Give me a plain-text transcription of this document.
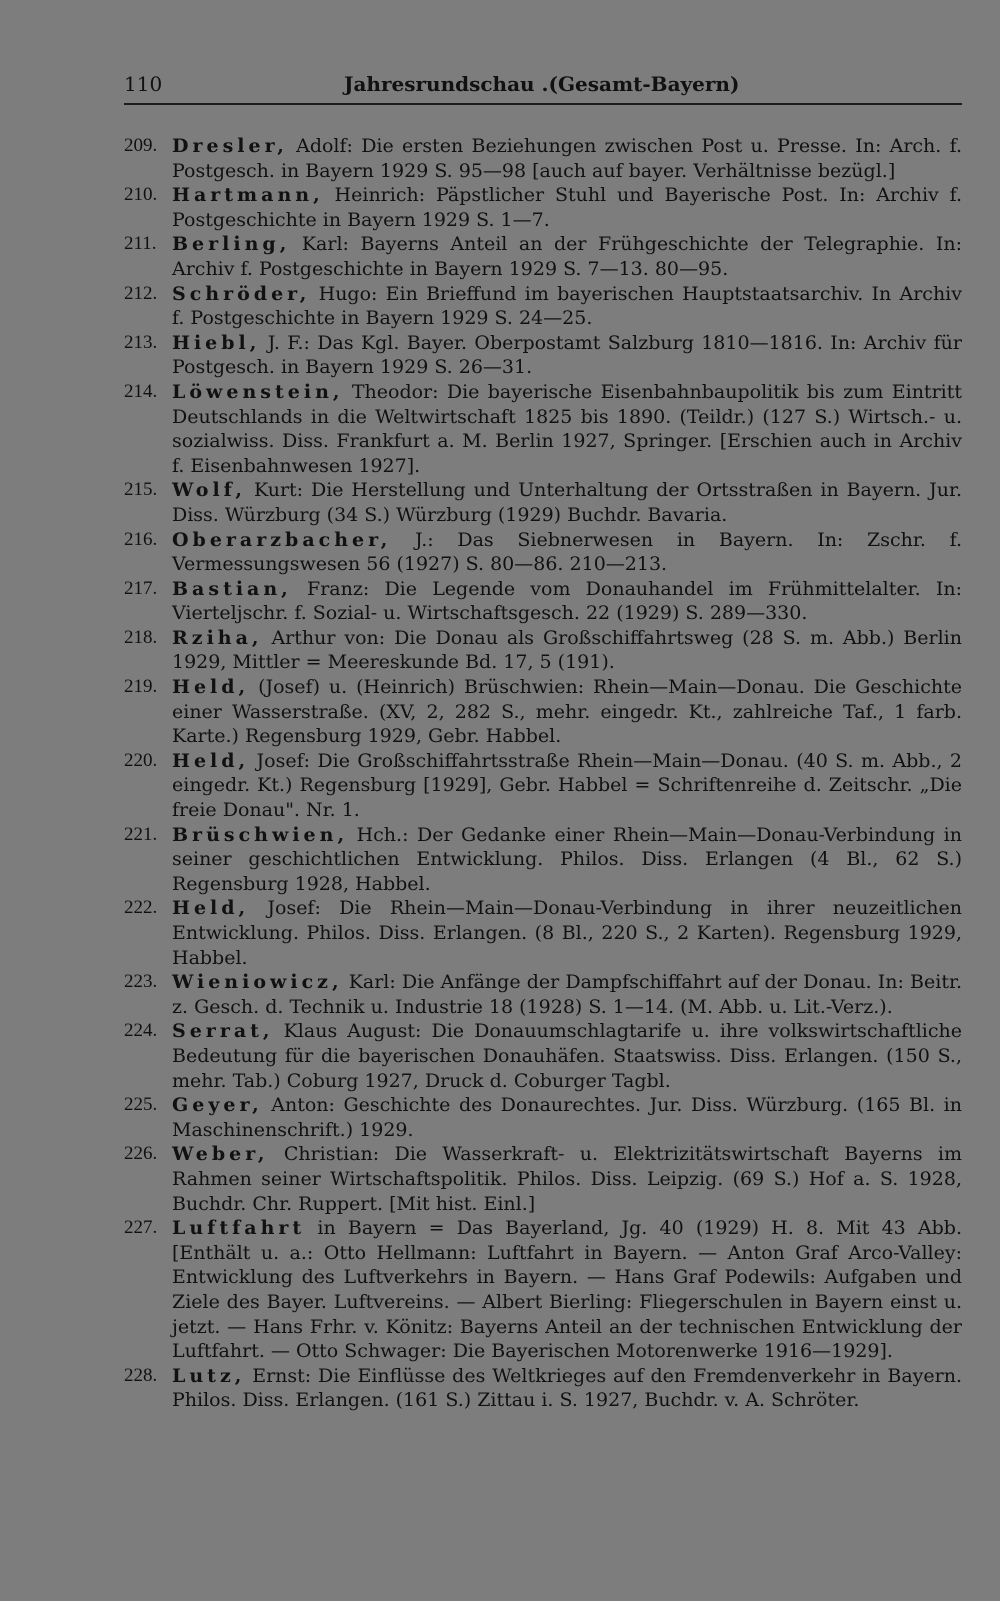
110	Jahresrundschau .(Gesamt-Bayern)
209. Dresler, Adolf: Die ersten Beziehungen zwischen Post u. Presse. In: Arch. f. Postgesch. in Bayern 1929 S. 95—98 [auch auf bayer. Verhältnisse bezügl.]
210. Hartmann, Heinrich: Päpstlicher Stuhl und Bayerische Post. In: Archiv f. Postgeschichte in Bayern 1929 S. 1—7.
211. Berling, Karl: Bayerns Anteil an der Frühgeschichte der Telegraphie. In: Archiv f. Postgeschichte in Bayern 1929 S. 7—13. 80—95.
212. Schröder, Hugo: Ein Brieffund im bayerischen Hauptstaatsarchiv. In Archiv f. Postgeschichte in Bayern 1929 S. 24—25.
213. Hiebl, J. F.: Das Kgl. Bayer. Oberpostamt Salzburg 1810—1816. In: Archiv für Postgesch. in Bayern 1929 S. 26—31.
214. Löwenstein, Theodor: Die bayerische Eisenbahnbaupolitik bis zum Eintritt Deutschlands in die Weltwirtschaft 1825 bis 1890. (Teildr.) (127 S.) Wirtsch.- u. sozialwiss. Diss. Frankfurt a. M. Berlin 1927, Springer. [Erschien auch in Archiv f. Eisenbahnwesen 1927].
215. Wolf, Kurt: Die Herstellung und Unterhaltung der Ortsstraßen in Bayern. Jur. Diss. Würzburg (34 S.) Würzburg (1929) Buchdr. Bavaria.
216. Oberarzbacher, J.: Das Siebnerwesen in Bayern. In: Zschr. f. Vermessungswesen 56 (1927) S. 80—86. 210—213.
217. Bastian, Franz: Die Legende vom Donauhandel im Frühmittelalter. In: Vierteljschr. f. Sozial- u. Wirtschaftsgesch. 22 (1929) S. 289—330.
218. Rziha, Arthur von: Die Donau als Großschiffahrtsweg (28 S. m. Abb.) Berlin 1929, Mittler = Meereskunde Bd. 17, 5 (191).
219. Held, (Josef) u. (Heinrich) Brüschwien: Rhein—Main—Donau. Die Geschichte einer Wasserstraße. (XV, 2, 282 S., mehr. eingedr. Kt., zahlreiche Taf., 1 farb. Karte.) Regensburg 1929, Gebr. Habbel.
220. Held, Josef: Die Großschiffahrtsstraße Rhein—Main—Donau. (40 S. m. Abb., 2 eingedr. Kt.) Regensburg [1929], Gebr. Habbel = Schriftenreihe d. Zeitschr. „Die freie Donau". Nr. 1.
221. Brüschwien, Hch.: Der Gedanke einer Rhein—Main—Donau-Verbindung in seiner geschichtlichen Entwicklung. Philos. Diss. Erlangen (4 Bl., 62 S.) Regensburg 1928, Habbel.
222. Held, Josef: Die Rhein—Main—Donau-Verbindung in ihrer neuzeitlichen Entwicklung. Philos. Diss. Erlangen. (8 Bl., 220 S., 2 Karten). Regensburg 1929, Habbel.
223. Wieniowicz, Karl: Die Anfänge der Dampfschiffahrt auf der Donau. In: Beitr. z. Gesch. d. Technik u. Industrie 18 (1928) S. 1—14. (M. Abb. u. Lit.-Verz.).
224. Serrat, Klaus August: Die Donauumschlagtarife u. ihre volkswirtschaftliche Bedeutung für die bayerischen Donauhäfen. Staatswiss. Diss. Erlangen. (150 S., mehr. Tab.) Coburg 1927, Druck d. Coburger Tagbl.
225. Geyer, Anton: Geschichte des Donaurechtes. Jur. Diss. Würzburg. (165 Bl. in Maschinenschrift.) 1929.
226. Weber, Christian: Die Wasserkraft- u. Elektrizitätswirtschaft Bayerns im Rahmen seiner Wirtschaftspolitik. Philos. Diss. Leipzig. (69 S.) Hof a. S. 1928, Buchdr. Chr. Ruppert. [Mit hist. Einl.]
227. Luftfahrt in Bayern = Das Bayerland, Jg. 40 (1929) H. 8. Mit 43 Abb. [Enthält u. a.: Otto Hellmann: Luftfahrt in Bayern. — Anton Graf Arco-Valley: Entwicklung des Luftverkehrs in Bayern. — Hans Graf Podewils: Aufgaben und Ziele des Bayer. Luftvereins. — Albert Bierling: Fliegerschulen in Bayern einst u. jetzt. — Hans Frhr. v. Könitz: Bayerns Anteil an der technischen Entwicklung der Luftfahrt. — Otto Schwager: Die Bayerischen Motorenwerke 1916—1929].
228. Lutz, Ernst: Die Einflüsse des Weltkrieges auf den Fremdenverkehr in Bayern. Philos. Diss. Erlangen. (161 S.) Zittau i. S. 1927, Buchdr. v. A. Schröter.
